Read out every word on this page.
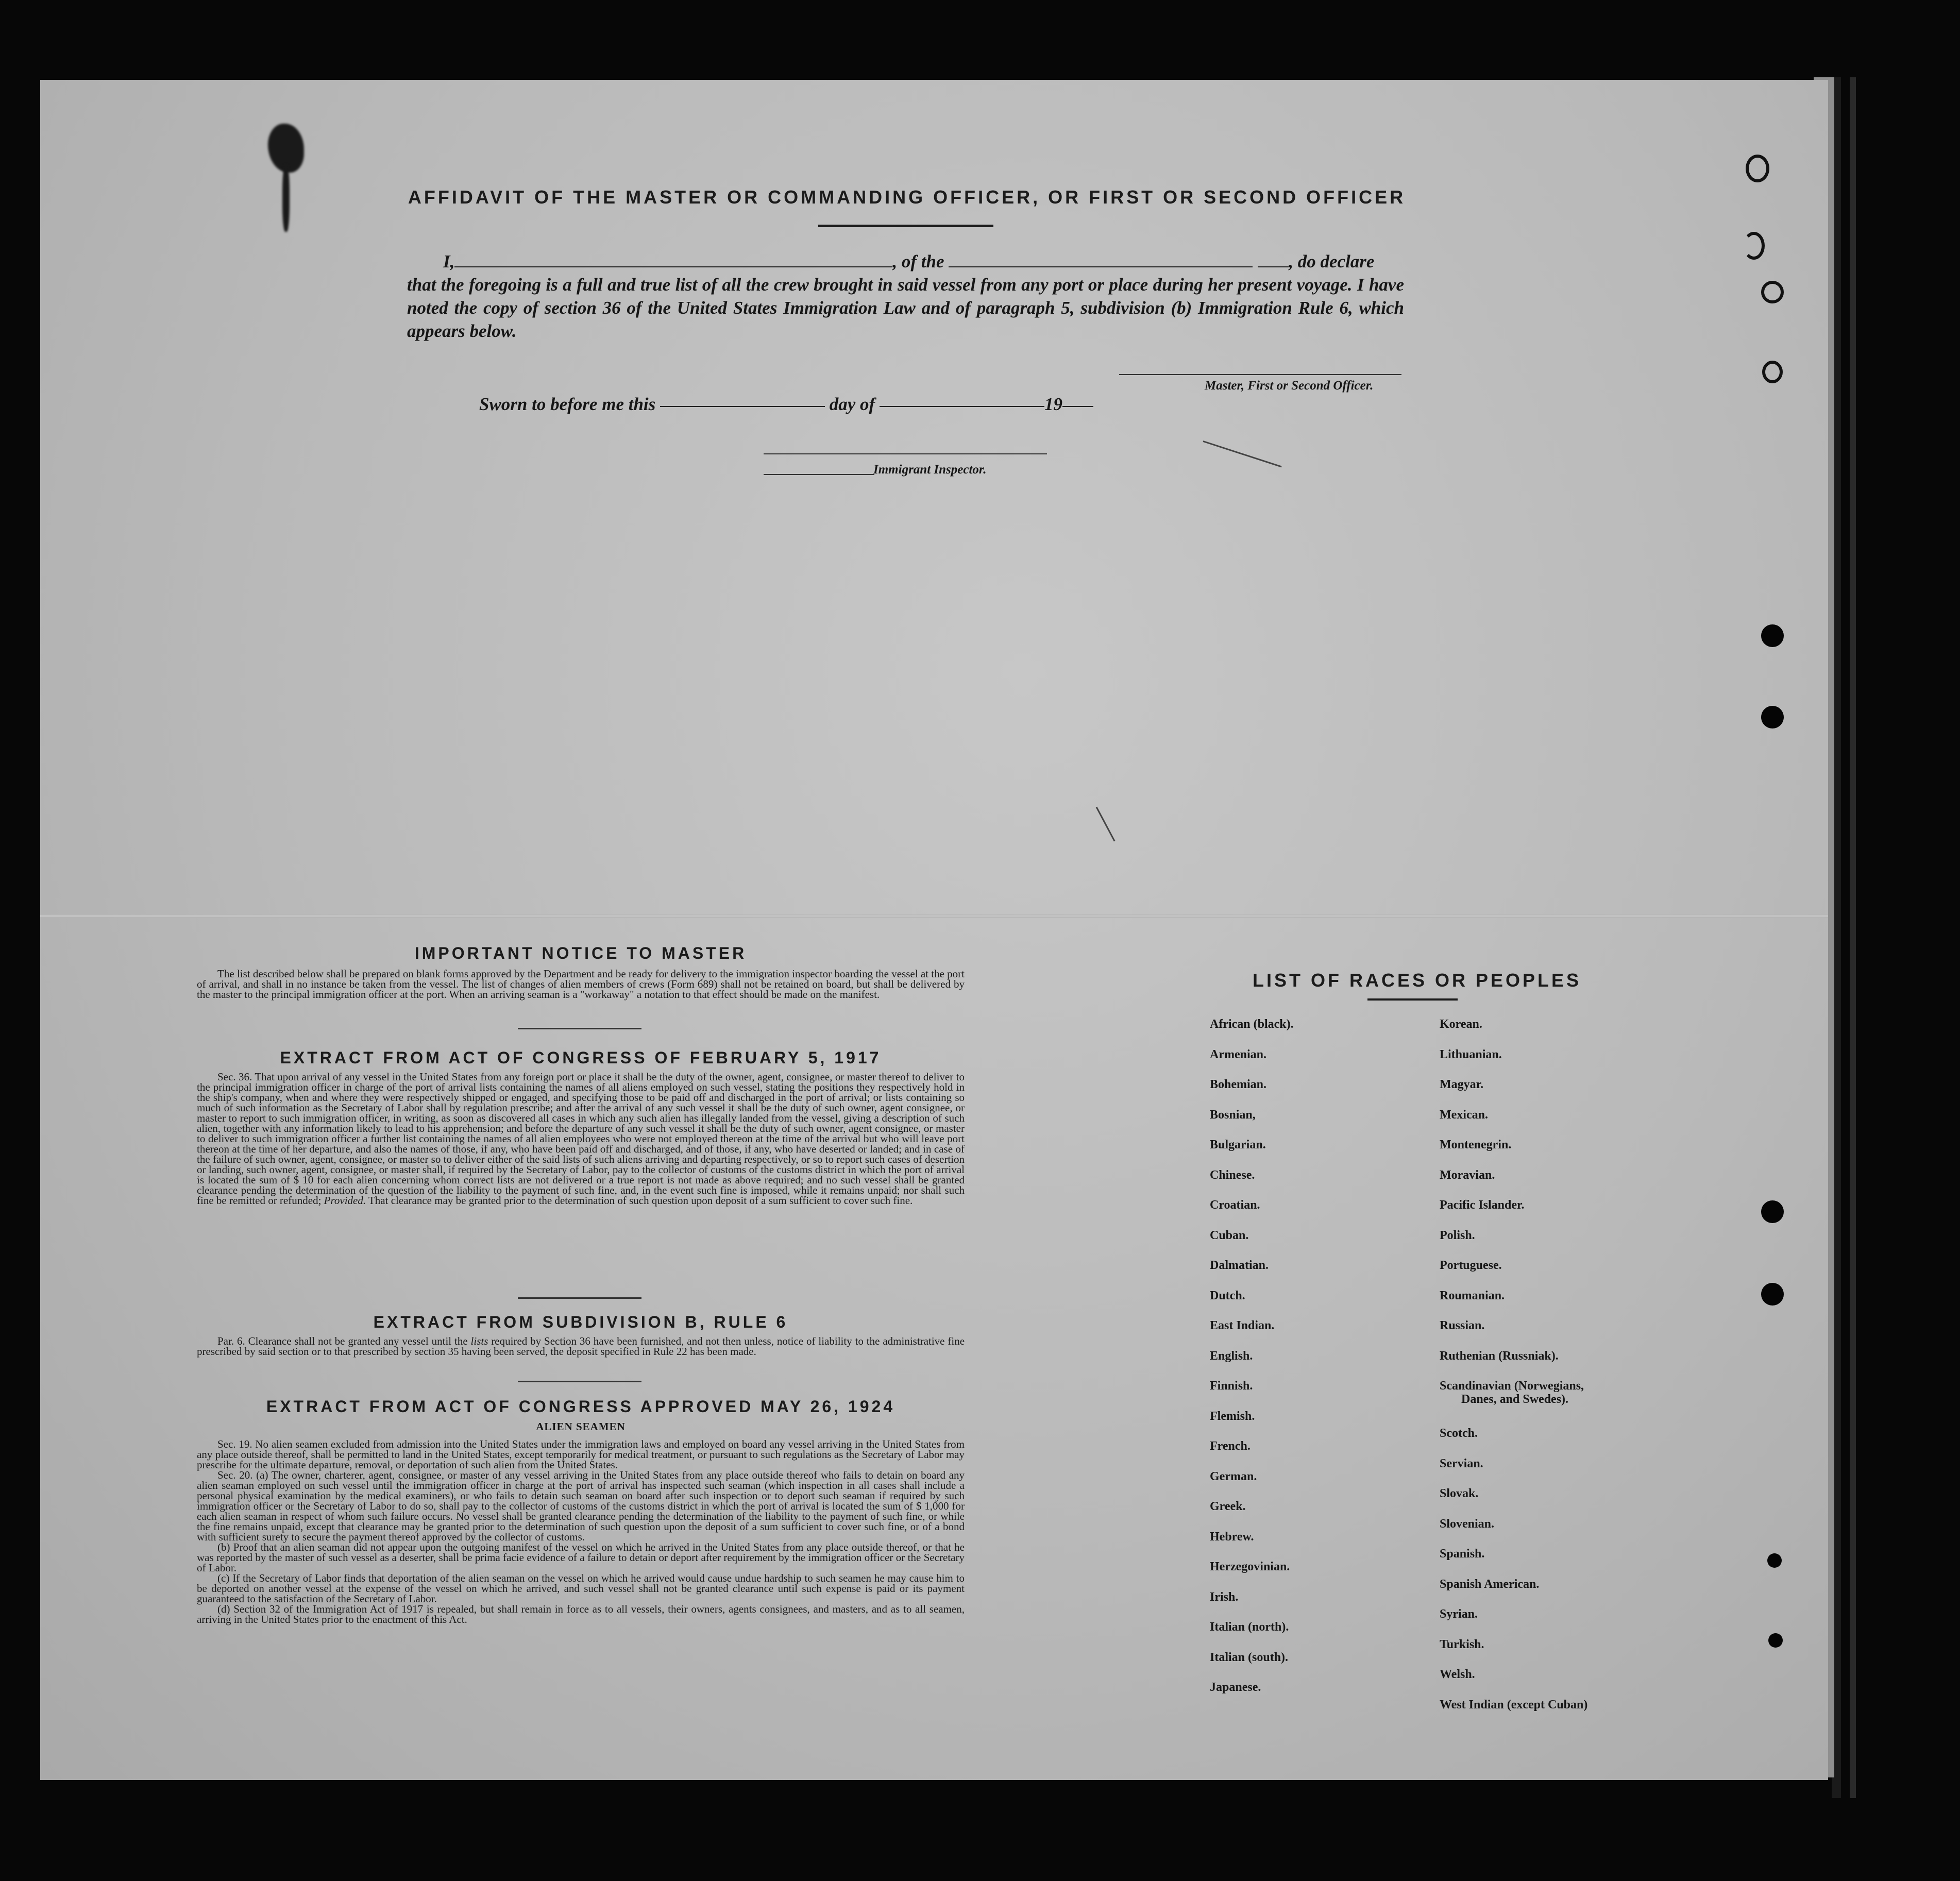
AFFIDAVIT OF THE MASTER OR COMMANDING OFFICER, OR FIRST OR SECOND OFFICER
I,	, of the	, do declare
that the foregoing is a full and true list of all the crew brought in said vessel from any port or place during her present voyage. I have noted the copy of section 36 of the United States Immigration Law and of paragraph 5, subdivision (b) Immigration Rule 6, which appears below.
Master, First or Second Officer.
Sworn to before me this	day of	19
Immigrant Inspector.
IMPORTANT NOTICE TO MASTER
The list described below shall be prepared on blank forms approved by the Department and be ready for delivery to the immigration inspector boarding the vessel at the port of arrival, and shall in no instance be taken from the vessel. The list of changes of alien members of crews (Form 689) shall not be retained on board, but shall be delivered by the master to the principal immigration officer at the port. When an arriving seaman is a "workaway" a notation to that effect should be made on the manifest.
EXTRACT FROM ACT OF CONGRESS OF FEBRUARY 5, 1917
Sec. 36. That upon arrival of any vessel in the United States from any foreign port or place it shall be the duty of the owner, agent, consignee, or master thereof to deliver to the principal immigration officer in charge of the port of arrival lists containing the names of all aliens employed on such vessel, stating the positions they respectively hold in the ship's company, when and where they were respectively shipped or engaged, and specifying those to be paid off and discharged in the port of arrival; or lists containing so much of such information as the Secretary of Labor shall by regulation prescribe; and after the arrival of any such vessel it shall be the duty of such owner, agent consignee, or master to report to such immigration officer, in writing, as soon as discovered all cases in which any such alien has illegally landed from the vessel, giving a description of such alien, together with any information likely to lead to his apprehension; and before the departure of any such vessel it shall be the duty of such owner, agent consignee, or master to deliver to such immigration officer a further list containing the names of all alien employees who were not employed thereon at the time of the arrival but who will leave port thereon at the time of her departure, and also the names of those, if any, who have been paid off and discharged, and of those, if any, who have deserted or landed; and in case of the failure of such owner, agent, consignee, or master so to deliver either of the said lists of such aliens arriving and departing respectively, or so to report such cases of desertion or landing, such owner, agent, consignee, or master shall, if required by the Secretary of Labor, pay to the collector of customs of the customs district in which the port of arrival is located the sum of $ 10 for each alien concerning whom correct lists are not delivered or a true report is not made as above required; and no such vessel shall be granted clearance pending the determination of the question of the liability to the payment of such fine, and, in the event such fine is imposed, while it remains unpaid; nor shall such fine be remitted or refunded; Provided. That clearance may be granted prior to the determination of such question upon deposit of a sum sufficient to cover such fine.
EXTRACT FROM SUBDIVISION B, RULE 6
Par. 6. Clearance shall not be granted any vessel until the lists required by Section 36 have been furnished, and not then unless, notice of liability to the administrative fine prescribed by said section or to that prescribed by section 35 having been served, the deposit specified in Rule 22 has been made.
EXTRACT FROM ACT OF CONGRESS APPROVED MAY 26, 1924
ALIEN SEAMEN
Sec. 19. No alien seamen excluded from admission into the United States under the immigration laws and employed on board any vessel arriving in the United States from any place outside thereof, shall be permitted to land in the United States, except temporarily for medical treatment, or pursuant to such regulations as the Secretary of Labor may prescribe for the ultimate departure, removal, or deportation of such alien from the United States.
Sec. 20. (a) The owner, charterer, agent, consignee, or master of any vessel arriving in the United States from any place outside thereof who fails to detain on board any alien seaman employed on such vessel until the immigration officer in charge at the port of arrival has inspected such seaman (which inspection in all cases shall include a personal physical examination by the medical examiners), or who fails to detain such seaman on board after such inspection or to deport such seaman if required by such immigration officer or the Secretary of Labor to do so, shall pay to the collector of customs of the customs district in which the port of arrival is located the sum of $ 1,000 for each alien seaman in respect of whom such failure occurs. No vessel shall be granted clearance pending the determination of the liability to the payment of such fine, or while the fine remains unpaid, except that clearance may be granted prior to the determination of such question upon the deposit of a sum sufficient to cover such fine, or of a bond with sufficient surety to secure the payment thereof approved by the collector of customs.
(b) Proof that an alien seaman did not appear upon the outgoing manifest of the vessel on which he arrived in the United States from any place outside thereof, or that he was reported by the master of such vessel as a deserter, shall be prima facie evidence of a failure to detain or deport after requirement by the immigration officer or the Secretary of Labor.
(c) If the Secretary of Labor finds that deportation of the alien seaman on the vessel on which he arrived would cause undue hardship to such seamen he may cause him to be deported on another vessel at the expense of the vessel on which he arrived, and such vessel shall not be granted clearance until such expense is paid or its payment guaranteed to the satisfaction of the Secretary of Labor.
(d) Section 32 of the Immigration Act of 1917 is repealed, but shall remain in force as to all vessels, their owners, agents consignees, and masters, and as to all seamen, arriving in the United States prior to the enactment of this Act.
LIST OF RACES OR PEOPLES
African (black).
Armenian.
Bohemian.
Bosnian,
Bulgarian.
Chinese.
Croatian.
Cuban.
Dalmatian.
Dutch.
East Indian.
English.
Finnish.
Flemish.
French.
German.
Greek.
Hebrew.
Herzegovinian.
Irish.
Italian (north).
Italian (south).
Japanese.
Korean.
Lithuanian.
Magyar.
Mexican.
Montenegrin.
Moravian.
Pacific Islander.
Polish.
Portuguese.
Roumanian.
Russian.
Ruthenian (Russniak).
Scandinavian (Norwegians,
Danes, and Swedes).
Scotch.
Servian.
Slovak.
Slovenian.
Spanish.
Spanish American.
Syrian.
Turkish.
Welsh.
West Indian (except Cuban)
